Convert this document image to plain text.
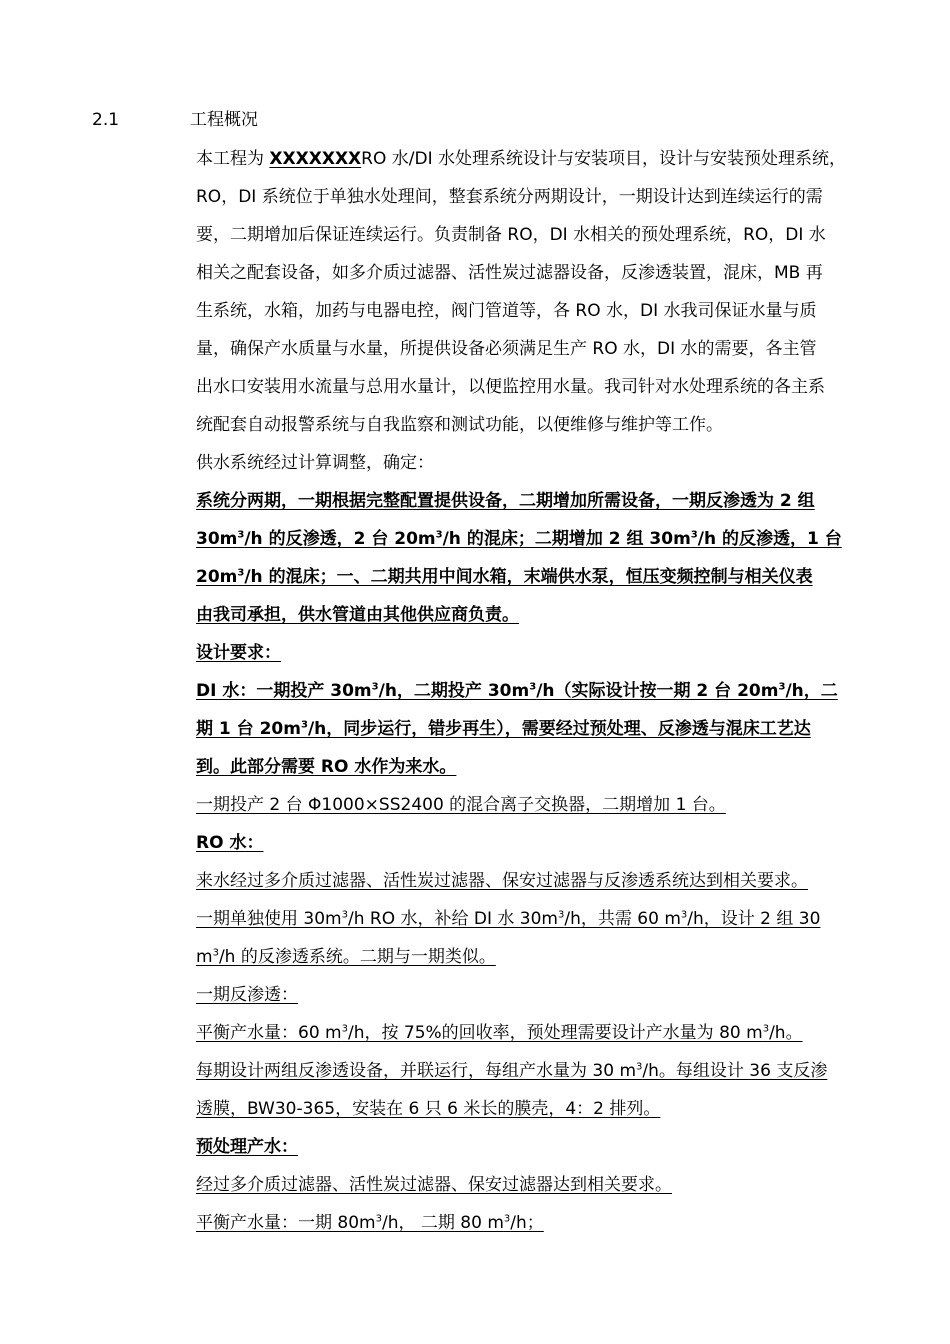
2.1	工程概况
本工程为 XXXXXXXRO 水/DI 水处理系统设计与安装项目，设计与安装预处理系统，
RO，DI 系统位于单独水处理间，整套系统分两期设计，一期设计达到连续运行的需
要，二期增加后保证连续运行。负责制备 RO，DI 水相关的预处理系统，RO，DI 水
相关之配套设备，如多介质过滤器、活性炭过滤器设备，反渗透装置，混床，MB 再
生系统，水箱，加药与电器电控，阀门管道等，各 RO 水，DI 水我司保证水量与质
量，确保产水质量与水量，所提供设备必须满足生产 RO 水，DI 水的需要，各主管
出水口安装用水流量与总用水量计，以便监控用水量。我司针对水处理系统的各主系
统配套自动报警系统与自我监察和测试功能，以便维修与维护等工作。
供水系统经过计算调整，确定：
系统分两期，一期根据完整配置提供设备，二期增加所需设备，一期反渗透为 2 组
$30m^3/h$ 的反渗透，2 台 $20m^3/h$ 的混床；二期增加 2 组 $30m^3/h$ 的反渗透，1 台
$20m^3/h$ 的混床；一、二期共用中间水箱，末端供水泵，恒压变频控制与相关仪表
由我司承担，供水管道由其他供应商负责。
设计要求：
DI 水：一期投产 $30m^3/h$，二期投产 $30m^3/h$（实际设计按一期 2 台 $20m^3/h$，二
期 1 台 $20m^3/h$，同步运行，错步再生），需要经过预处理、反渗透与混床工艺达
到。此部分需要 RO 水作为来水。
一期投产 2 台 Φ1000×SS2400 的混合离子交换器，二期增加 1 台。
RO 水：
来水经过多介质过滤器、活性炭过滤器、保安过滤器与反渗透系统达到相关要求。
一期单独使用 $30m^3/h$ RO 水，补给 DI 水 $30m^3/h$，共需 60 $m^3/h$，设计 2 组 30
$m^3/h$ 的反渗透系统。二期与一期类似。
一期反渗透：
平衡产水量：60 $m^3/h$，按 75%的回收率，预处理需要设计产水量为 80 $m^3/h$。
每期设计两组反渗透设备，并联运行，每组产水量为 30 $m^3/h$。每组设计 36 支反渗
透膜，BW30-365，安装在 6 只 6 米长的膜壳，4：2 排列。
预处理产水：
经过多介质过滤器、活性炭过滤器、保安过滤器达到相关要求。
平衡产水量：一期 $80m^3/h$， 二期 80 $m^3/h$；
